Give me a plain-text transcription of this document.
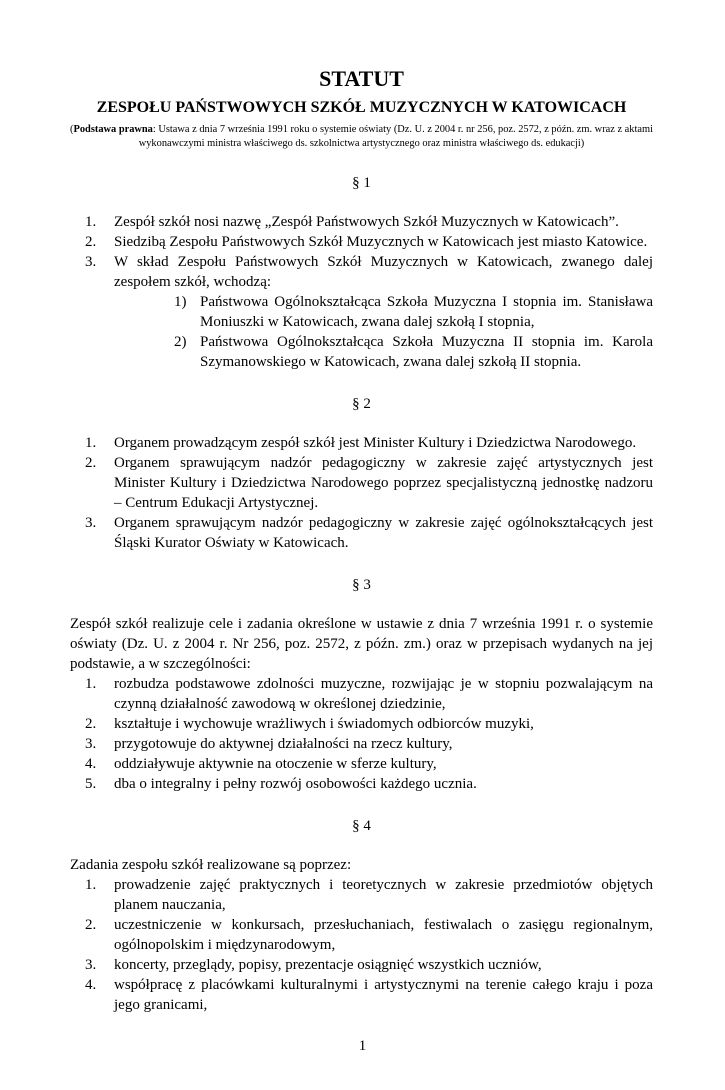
STATUT
ZESPOŁU PAŃSTWOWYCH SZKÓŁ MUZYCZNYCH W KATOWICACH
(Podstawa prawna: Ustawa z dnia 7 września 1991 roku o systemie oświaty (Dz. U. z 2004 r. nr 256, poz. 2572, z późn. zm. wraz z aktami wykonawczymi ministra właściwego ds. szkolnictwa artystycznego oraz ministra właściwego ds. edukacji)
§ 1
1. Zespół szkół nosi nazwę „Zespół Państwowych Szkół Muzycznych w Katowicach”.
2. Siedzibą Zespołu Państwowych Szkół Muzycznych w Katowicach jest miasto Katowice.
3. W skład Zespołu Państwowych Szkół Muzycznych w Katowicach, zwanego dalej zespołem szkół, wchodzą:
1) Państwowa Ogólnokształcąca Szkoła Muzyczna I stopnia im. Stanisława Moniuszki w Katowicach, zwana dalej szkołą I stopnia,
2) Państwowa Ogólnokształcąca Szkoła Muzyczna II stopnia im. Karola Szymanowskiego w Katowicach, zwana dalej szkołą II stopnia.
§ 2
1. Organem prowadzącym zespół szkół jest Minister Kultury i Dziedzictwa Narodowego.
2. Organem sprawującym nadzór pedagogiczny w zakresie zajęć artystycznych jest Minister Kultury i Dziedzictwa Narodowego poprzez specjalistyczną jednostkę nadzoru – Centrum Edukacji Artystycznej.
3. Organem sprawującym nadzór pedagogiczny w zakresie zajęć ogólnokształcących jest Śląski Kurator Oświaty w Katowicach.
§ 3

Zespół szkół realizuje cele i zadania określone w ustawie z dnia 7 września 1991 r. o systemie oświaty (Dz. U. z 2004 r. Nr 256, poz. 2572, z późn. zm.) oraz w przepisach wydanych na jej podstawie, a w szczególności:

1. rozbudza podstawowe zdolności muzyczne, rozwijając je w stopniu pozwalającym na czynną działalność zawodową w określonej dziedzinie,
2. kształtuje i wychowuje wrażliwych i świadomych odbiorców muzyki,
3. przygotowuje do aktywnej działalności na rzecz kultury,
4. oddziaływuje aktywnie na otoczenie w sferze kultury,
5. dba o integralny i pełny rozwój osobowości każdego ucznia.
§ 4

Zadania zespołu szkół realizowane są poprzez:

1. prowadzenie zajęć praktycznych i teoretycznych w zakresie przedmiotów objętych planem nauczania,
2. uczestniczenie w konkursach, przesłuchaniach, festiwalach o zasięgu regionalnym, ogólnopolskim i międzynarodowym,
3. koncerty, przeglądy, popisy, prezentacje osiągnięć wszystkich uczniów,
4. współpracę z placówkami kulturalnymi i artystycznymi na terenie całego kraju i poza jego granicami,
1
